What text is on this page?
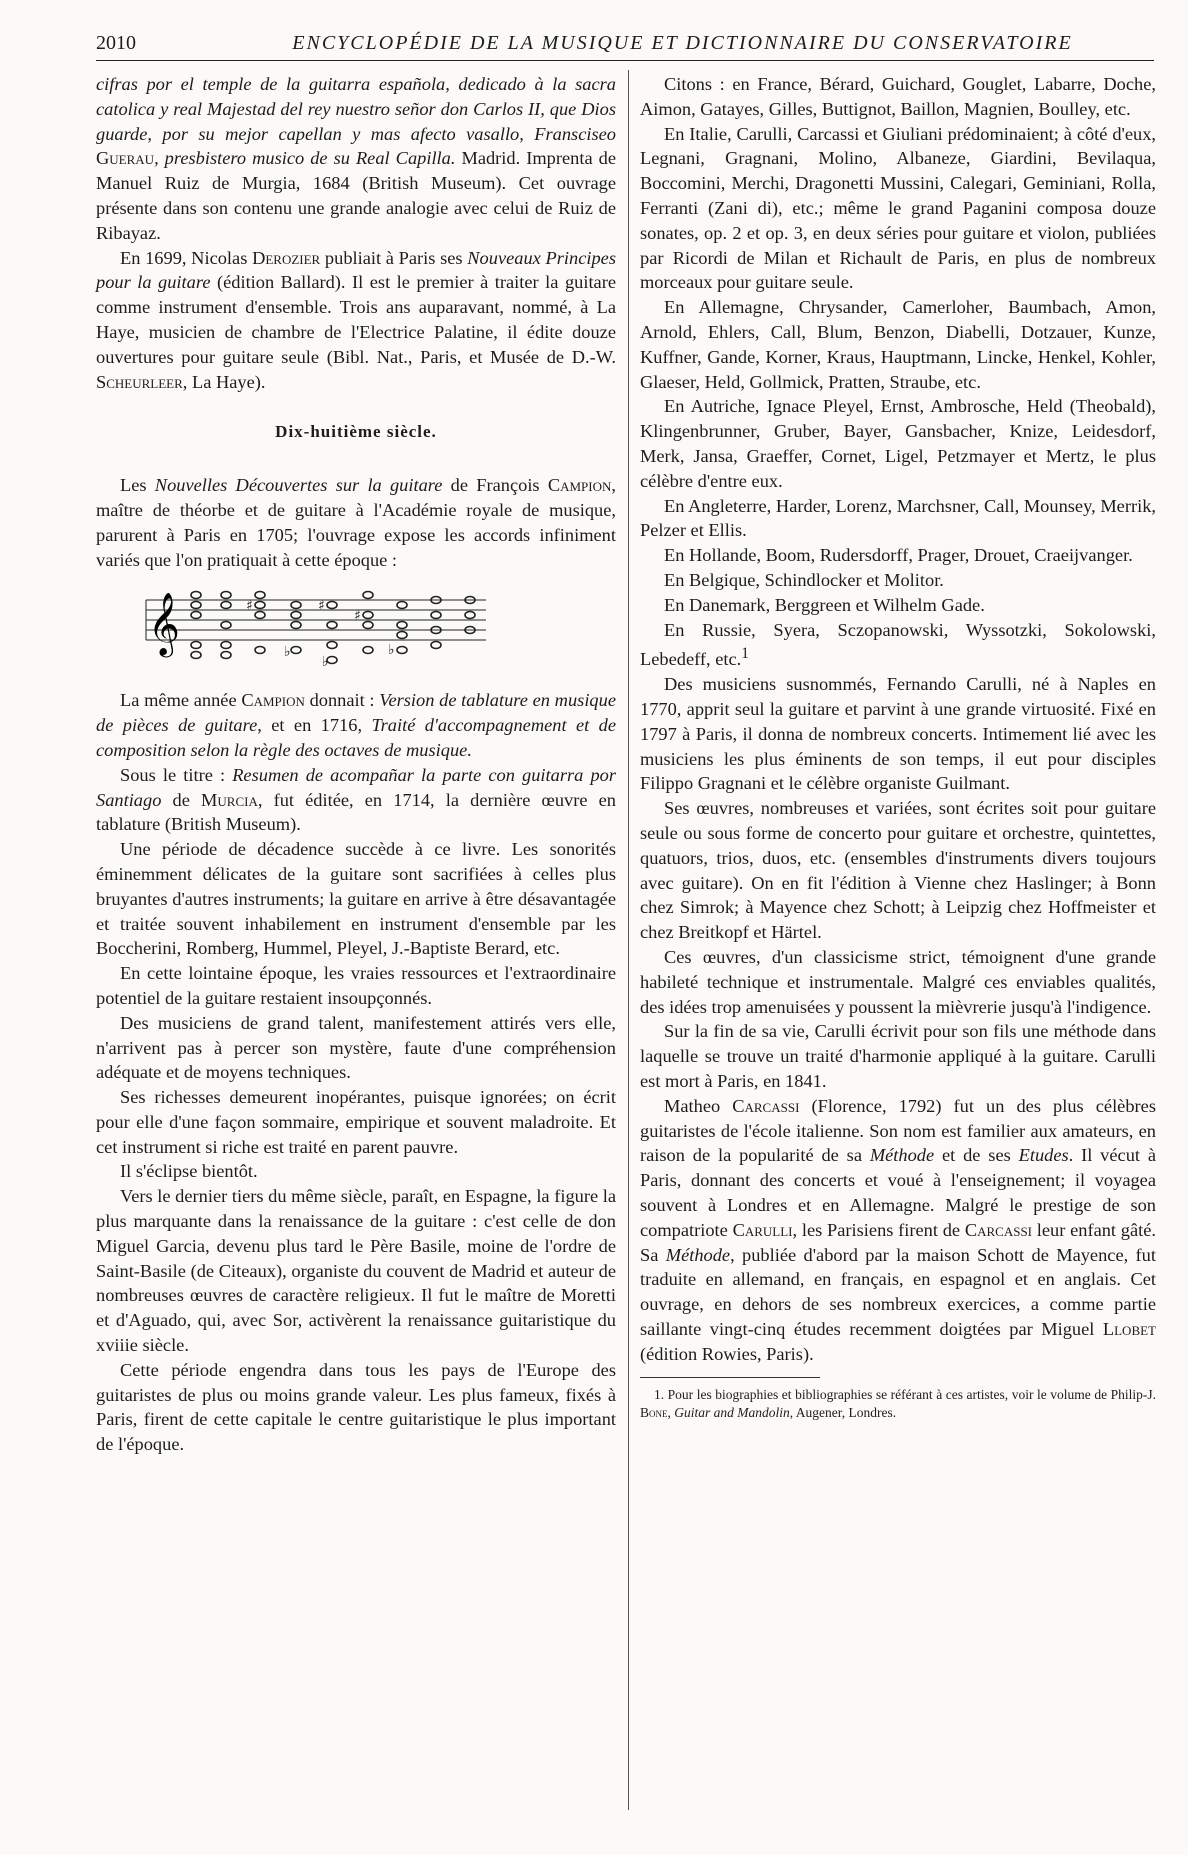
2010	ENCYCLOPÉDIE DE LA MUSIQUE ET DICTIONNAIRE DU CONSERVATOIRE

cifras por el temple de la guitarra española, dedicado à la sacra catolica y real Majestad del rey nuestro señor don Carlos II, que Dios guarde, por su mejor capellan y mas afecto vasallo, Fransciseo Guerau, presbistero musico de su Real Capilla. Madrid. Imprenta de Manuel Ruiz de Murgia, 1684 (British Museum). Cet ouvrage présente dans son contenu une grande analogie avec celui de Ruiz de Ribayaz.

En 1699, Nicolas Derozier publiait à Paris ses Nouveaux Principes pour la guitare (édition Ballard). Il est le premier à traiter la guitare comme instrument d'ensemble. Trois ans auparavant, nommé, à La Haye, musicien de chambre de l'Electrice Palatine, il édite douze ouvertures pour guitare seule (Bibl. Nat., Paris, et Musée de D.-W. Scheurleer, La Haye).

Dix-huitième siècle.

Les Nouvelles Découvertes sur la guitare de François Campion, maître de théorbe et de guitare à l'Académie royale de musique, parurent à Paris en 1705; l'ouvrage expose les accords infiniment variés que l'on pratiquait à cette époque :

𝄞	♯	♯
♯
♭
♭
♭

La même année Campion donnait : Version de tablature en musique de pièces de guitare, et en 1716, Traité d'accompagnement et de composition selon la règle des octaves de musique.

Sous le titre : Resumen de acompañar la parte con guitarra por Santiago de Murcia, fut éditée, en 1714, la dernière œuvre en tablature (British Museum).

Une période de décadence succède à ce livre. Les sonorités éminemment délicates de la guitare sont sacrifiées à celles plus bruyantes d'autres instruments; la guitare en arrive à être désavantagée et traitée souvent inhabilement en instrument d'ensemble par les Boccherini, Romberg, Hummel, Pleyel, J.-Baptiste Berard, etc.

En cette lointaine époque, les vraies ressources et l'extraordinaire potentiel de la guitare restaient insoupçonnés.

Des musiciens de grand talent, manifestement attirés vers elle, n'arrivent pas à percer son mystère, faute d'une compréhension adéquate et de moyens techniques.

Ses richesses demeurent inopérantes, puisque ignorées; on écrit pour elle d'une façon sommaire, empirique et souvent maladroite. Et cet instrument si riche est traité en parent pauvre.

Il s'éclipse bientôt.

Vers le dernier tiers du même siècle, paraît, en Espagne, la figure la plus marquante dans la renaissance de la guitare : c'est celle de don Miguel Garcia, devenu plus tard le Père Basile, moine de l'ordre de Saint-Basile (de Citeaux), organiste du couvent de Madrid et auteur de nombreuses œuvres de caractère religieux. Il fut le maître de Moretti et d'Aguado, qui, avec Sor, activèrent la renaissance guitaristique du xviiie siècle.

Cette période engendra dans tous les pays de l'Europe des guitaristes de plus ou moins grande valeur. Les plus fameux, fixés à Paris, firent de cette capitale le centre guitaristique le plus important de l'époque.

Citons : en France, Bérard, Guichard, Gouglet, Labarre, Doche, Aimon, Gatayes, Gilles, Buttignot, Baillon, Magnien, Boulley, etc.

En Italie, Carulli, Carcassi et Giuliani prédominaient; à côté d'eux, Legnani, Gragnani, Molino, Albaneze, Giardini, Bevilaqua, Boccomini, Merchi, Dragonetti Mussini, Calegari, Geminiani, Rolla, Ferranti (Zani di), etc.; même le grand Paganini composa douze sonates, op. 2 et op. 3, en deux séries pour guitare et violon, publiées par Ricordi de Milan et Richault de Paris, en plus de nombreux morceaux pour guitare seule.

En Allemagne, Chrysander, Camerloher, Baumbach, Amon, Arnold, Ehlers, Call, Blum, Benzon, Diabelli, Dotzauer, Kunze, Kuffner, Gande, Korner, Kraus, Hauptmann, Lincke, Henkel, Kohler, Glaeser, Held, Gollmick, Pratten, Straube, etc.

En Autriche, Ignace Pleyel, Ernst, Ambrosche, Held (Theobald), Klingenbrunner, Gruber, Bayer, Gansbacher, Knize, Leidesdorf, Merk, Jansa, Graeffer, Cornet, Ligel, Petzmayer et Mertz, le plus célèbre d'entre eux.

En Angleterre, Harder, Lorenz, Marchsner, Call, Mounsey, Merrik, Pelzer et Ellis.

En Hollande, Boom, Rudersdorff, Prager, Drouet, Craeijvanger.

En Belgique, Schindlocker et Molitor.

En Danemark, Berggreen et Wilhelm Gade.

En Russie, Syera, Sczopanowski, Wyssotzki, Sokolowski, Lebedeff, etc.$^1$

Des musiciens susnommés, Fernando Carulli, né à Naples en 1770, apprit seul la guitare et parvint à une grande virtuosité. Fixé en 1797 à Paris, il donna de nombreux concerts. Intimement lié avec les musiciens les plus éminents de son temps, il eut pour disciples Filippo Gragnani et le célèbre organiste Guilmant.

Ses œuvres, nombreuses et variées, sont écrites soit pour guitare seule ou sous forme de concerto pour guitare et orchestre, quintettes, quatuors, trios, duos, etc. (ensembles d'instruments divers toujours avec guitare). On en fit l'édition à Vienne chez Haslinger; à Bonn chez Simrok; à Mayence chez Schott; à Leipzig chez Hoffmeister et chez Breitkopf et Härtel.

Ces œuvres, d'un classicisme strict, témoignent d'une grande habileté technique et instrumentale. Malgré ces enviables qualités, des idées trop amenuisées y poussent la mièvrerie jusqu'à l'indigence.

Sur la fin de sa vie, Carulli écrivit pour son fils une méthode dans laquelle se trouve un traité d'harmonie appliqué à la guitare. Carulli est mort à Paris, en 1841.

Matheo Carcassi (Florence, 1792) fut un des plus célèbres guitaristes de l'école italienne. Son nom est familier aux amateurs, en raison de la popularité de sa Méthode et de ses Etudes. Il vécut à Paris, donnant des concerts et voué à l'enseignement; il voyagea souvent à Londres et en Allemagne. Malgré le prestige de son compatriote Carulli, les Parisiens firent de Carcassi leur enfant gâté. Sa Méthode, publiée d'abord par la maison Schott de Mayence, fut traduite en allemand, en français, en espagnol et en anglais. Cet ouvrage, en dehors de ses nombreux exercices, a comme partie saillante vingt-cinq études recemment doigtées par Miguel Llobet (édition Rowies, Paris).

1. Pour les biographies et bibliographies se référant à ces artistes, voir le volume de Philip-J. Bone, Guitar and Mandolin, Augener, Londres.
